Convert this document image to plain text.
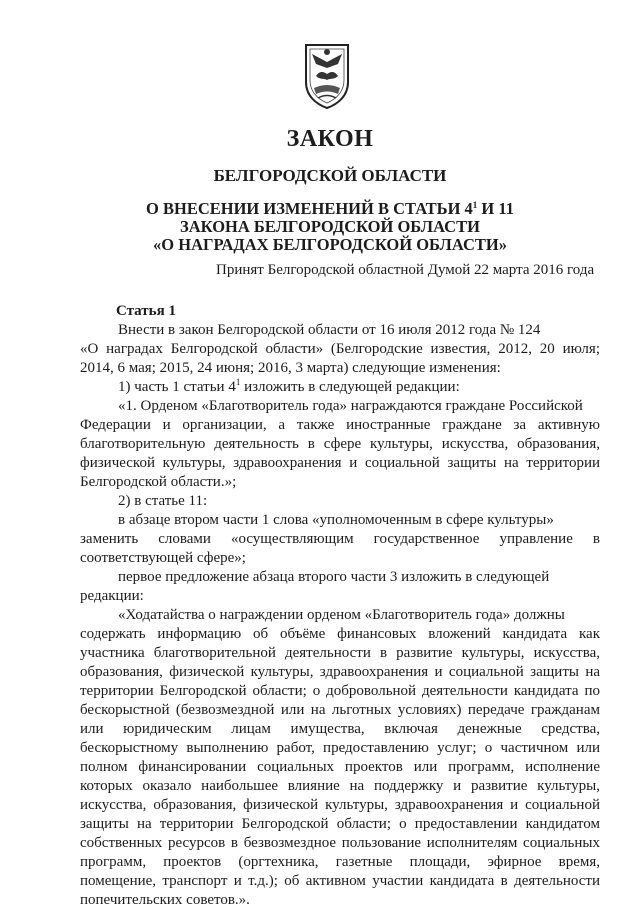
ЗАКОН
БЕЛГОРОДСКОЙ ОБЛАСТИ
О ВНЕСЕНИИ ИЗМЕНЕНИЙ В СТАТЬИ $4^1$ И 11
ЗАКОНА БЕЛГОРОДСКОЙ ОБЛАСТИ
«О НАГРАДАХ БЕЛГОРОДСКОЙ ОБЛАСТИ»
Принят Белгородской областной Думой 22 марта 2016 года
Статья 1
Внести в закон Белгородской области от 16 июля 2012 года № 124
«О наградах Белгородской области» (Белгородские известия, 2012, 20 июля;
2014, 6 мая; 2015, 24 июня; 2016, 3 марта) следующие изменения:
1) часть 1 статьи $4^1$ изложить в следующей редакции:
«1. Орденом «Благотворитель года» награждаются граждане Российской
Федерации и организации, а также иностранные граждане за активную
благотворительную деятельность в сфере культуры, искусства, образования,
физической культуры, здравоохранения и социальной защиты на территории
Белгородской области.»;
2) в статье 11:
в абзаце втором части 1 слова «уполномоченным в сфере культуры»
заменить словами «осуществляющим государственное управление в
соответствующей сфере»;
первое предложение абзаца второго части 3 изложить в следующей
редакции:
«Ходатайства о награждении орденом «Благотворитель года» должны
содержать информацию об объёме финансовых вложений кандидата как
участника благотворительной деятельности в развитие культуры, искусства,
образования, физической культуры, здравоохранения и социальной защиты на
территории Белгородской области; о добровольной деятельности кандидата по
бескорыстной (безвозмездной или на льготных условиях) передаче гражданам
или юридическим лицам имущества, включая денежные средства,
бескорыстному выполнению работ, предоставлению услуг; о частичном или
полном финансировании социальных проектов или программ, исполнение
которых оказало наибольшее влияние на поддержку и развитие культуры,
искусства, образования, физической культуры, здравоохранения и социальной
защиты на территории Белгородской области; о предоставлении кандидатом
собственных ресурсов в безвозмездное пользование исполнителям социальных
программ, проектов (оргтехника, газетные площади, эфирное время,
помещение, транспорт и т.д.); об активном участии кандидата в деятельности
попечительских советов.».
